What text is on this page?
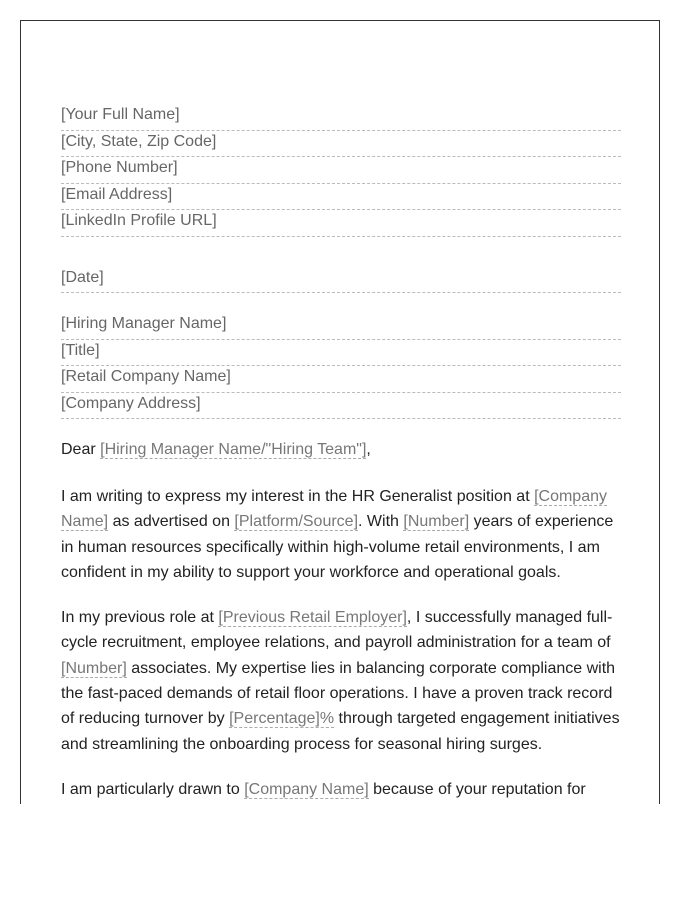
[Your Full Name]
[City, State, Zip Code]
[Phone Number]
[Email Address]
[LinkedIn Profile URL]
[Date]
[Hiring Manager Name]
[Title]
[Retail Company Name]
[Company Address]
Dear [Hiring Manager Name/"Hiring Team"],

I am writing to express my interest in the HR Generalist position at [Company Name] as advertised on [Platform/Source]. With [Number] years of experience in human resources specifically within high-volume retail environments, I am confident in my ability to support your workforce and operational goals.

In my previous role at [Previous Retail Employer], I successfully managed full-cycle recruitment, employee relations, and payroll administration for a team of [Number] associates. My expertise lies in balancing corporate compliance with the fast-paced demands of retail floor operations. I have a proven track record of reducing turnover by [Percentage]% through targeted engagement initiatives and streamlining the onboarding process for seasonal hiring surges.

I am particularly drawn to [Company Name] because of your reputation for
